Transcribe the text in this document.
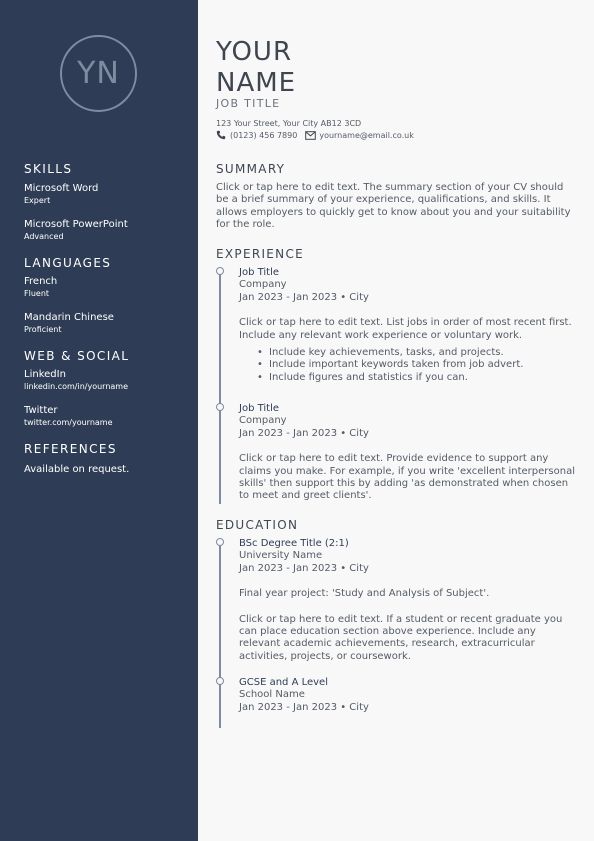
YN
SKILLS
Microsoft Word
Expert
Microsoft PowerPoint
Advanced
LANGUAGES
French
Fluent
Mandarin Chinese
Proficient
WEB & SOCIAL
LinkedIn
linkedin.com/in/yourname
Twitter
twitter.com/yourname
REFERENCES
Available on request.
YOUR
NAME
JOB TITLE
123 Your Street, Your City AB12 3CD
(0123) 456 7890	yourname@email.co.uk
SUMMARY
Click or tap here to edit text. The summary section of your CV should be a brief summary of your experience, qualifications, and skills. It allows employers to quickly get to know about you and your suitability for the role.
EXPERIENCE
Job Title
Company
Jan 2023 - Jan 2023 • City
Click or tap here to edit text. List jobs in order of most recent first. Include any relevant work experience or voluntary work.
• Include key achievements, tasks, and projects.
• Include important keywords taken from job advert.
• Include figures and statistics if you can.
Job Title
Company
Jan 2023 - Jan 2023 • City
Click or tap here to edit text. Provide evidence to support any claims you make. For example, if you write 'excellent interpersonal skills' then support this by adding 'as demonstrated when chosen to meet and greet clients'.
EDUCATION
BSc Degree Title (2:1)
University Name
Jan 2023 - Jan 2023 • City
Final year project: 'Study and Analysis of Subject'.
Click or tap here to edit text. If a student or recent graduate you can place education section above experience. Include any relevant academic achievements, research, extracurricular activities, projects, or coursework.
GCSE and A Level
School Name
Jan 2023 - Jan 2023 • City
